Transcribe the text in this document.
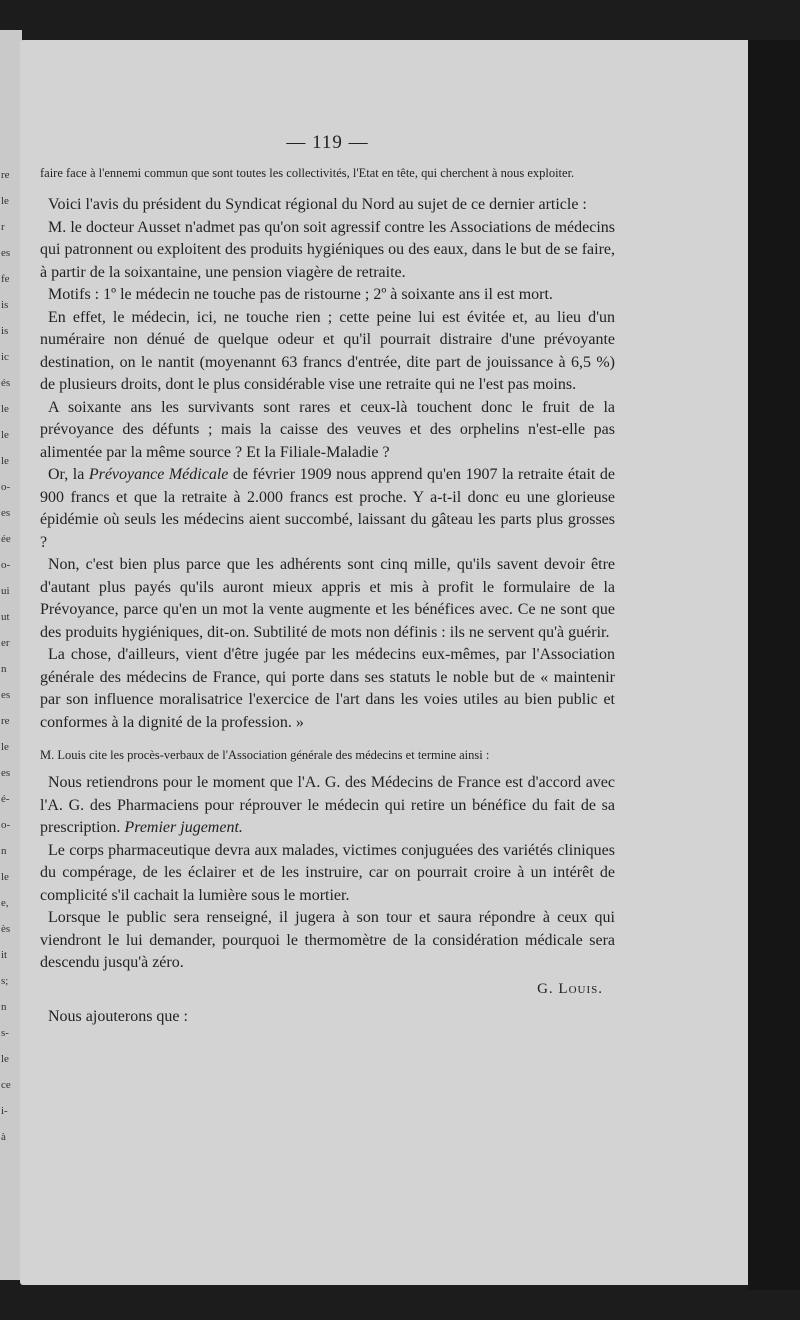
re
le
r
es
fe
is
is
ic
és
le
le
le
o-
es
ée
o-
ui
ut
er
n
es
re
le
es
é-
o-
n
le
e,
ès
it
s;
n
s-
le
ce
i-
à
— 119 —

faire face à l'ennemi commun que sont toutes les collectivités, l'Etat en tête, qui cherchent à nous exploiter.

Voici l'avis du président du Syndicat régional du Nord au sujet de ce dernier article :

M. le docteur Ausset n'admet pas qu'on soit agressif contre les Associations de médecins qui patronnent ou exploitent des produits hygiéniques ou des eaux, dans le but de se faire, à partir de la soixantaine, une pension viagère de retraite.

Motifs : 1º le médecin ne touche pas de ristourne ; 2º à soixante ans il est mort.

En effet, le médecin, ici, ne touche rien ; cette peine lui est évitée et, au lieu d'un numéraire non dénué de quelque odeur et qu'il pourrait distraire d'une prévoyante destination, on le nantit (moyenannt 63 francs d'entrée, dite part de jouissance à 6,5 %) de plusieurs droits, dont le plus considérable vise une retraite qui ne l'est pas moins.

A soixante ans les survivants sont rares et ceux-là touchent donc le fruit de la prévoyance des défunts ; mais la caisse des veuves et des orphelins n'est-elle pas alimentée par la même source ? Et la Filiale-Maladie ?

Or, la Prévoyance Médicale de février 1909 nous apprend qu'en 1907 la retraite était de 900 francs et que la retraite à 2.000 francs est proche. Y a-t-il donc eu une glorieuse épidémie où seuls les médecins aient succombé, laissant du gâteau les parts plus grosses ?

Non, c'est bien plus parce que les adhérents sont cinq mille, qu'ils savent devoir être d'autant plus payés qu'ils auront mieux appris et mis à profit le formulaire de la Prévoyance, parce qu'en un mot la vente augmente et les bénéfices avec. Ce ne sont que des produits hygiéniques, dit-on. Subtilité de mots non définis : ils ne servent qu'à guérir.

La chose, d'ailleurs, vient d'être jugée par les médecins eux-mêmes, par l'Association générale des médecins de France, qui porte dans ses statuts le noble but de « maintenir par son influence moralisatrice l'exercice de l'art dans les voies utiles au bien public et conformes à la dignité de la profession. »

M. Louis cite les procès-verbaux de l'Association générale des médecins et termine ainsi :

Nous retiendrons pour le moment que l'A. G. des Médecins de France est d'accord avec l'A. G. des Pharmaciens pour réprouver le médecin qui retire un bénéfice du fait de sa prescription. Premier jugement.

Le corps pharmaceutique devra aux malades, victimes conjuguées des variétés cliniques du compérage, de les éclairer et de les instruire, car on pourrait croire à un intérêt de complicité s'il cachait la lumière sous le mortier.

Lorsque le public sera renseigné, il jugera à son tour et saura répondre à ceux qui viendront le lui demander, pourquoi le thermomètre de la considération médicale sera descendu jusqu'à zéro.

G. Louis.

Nous ajouterons que :
